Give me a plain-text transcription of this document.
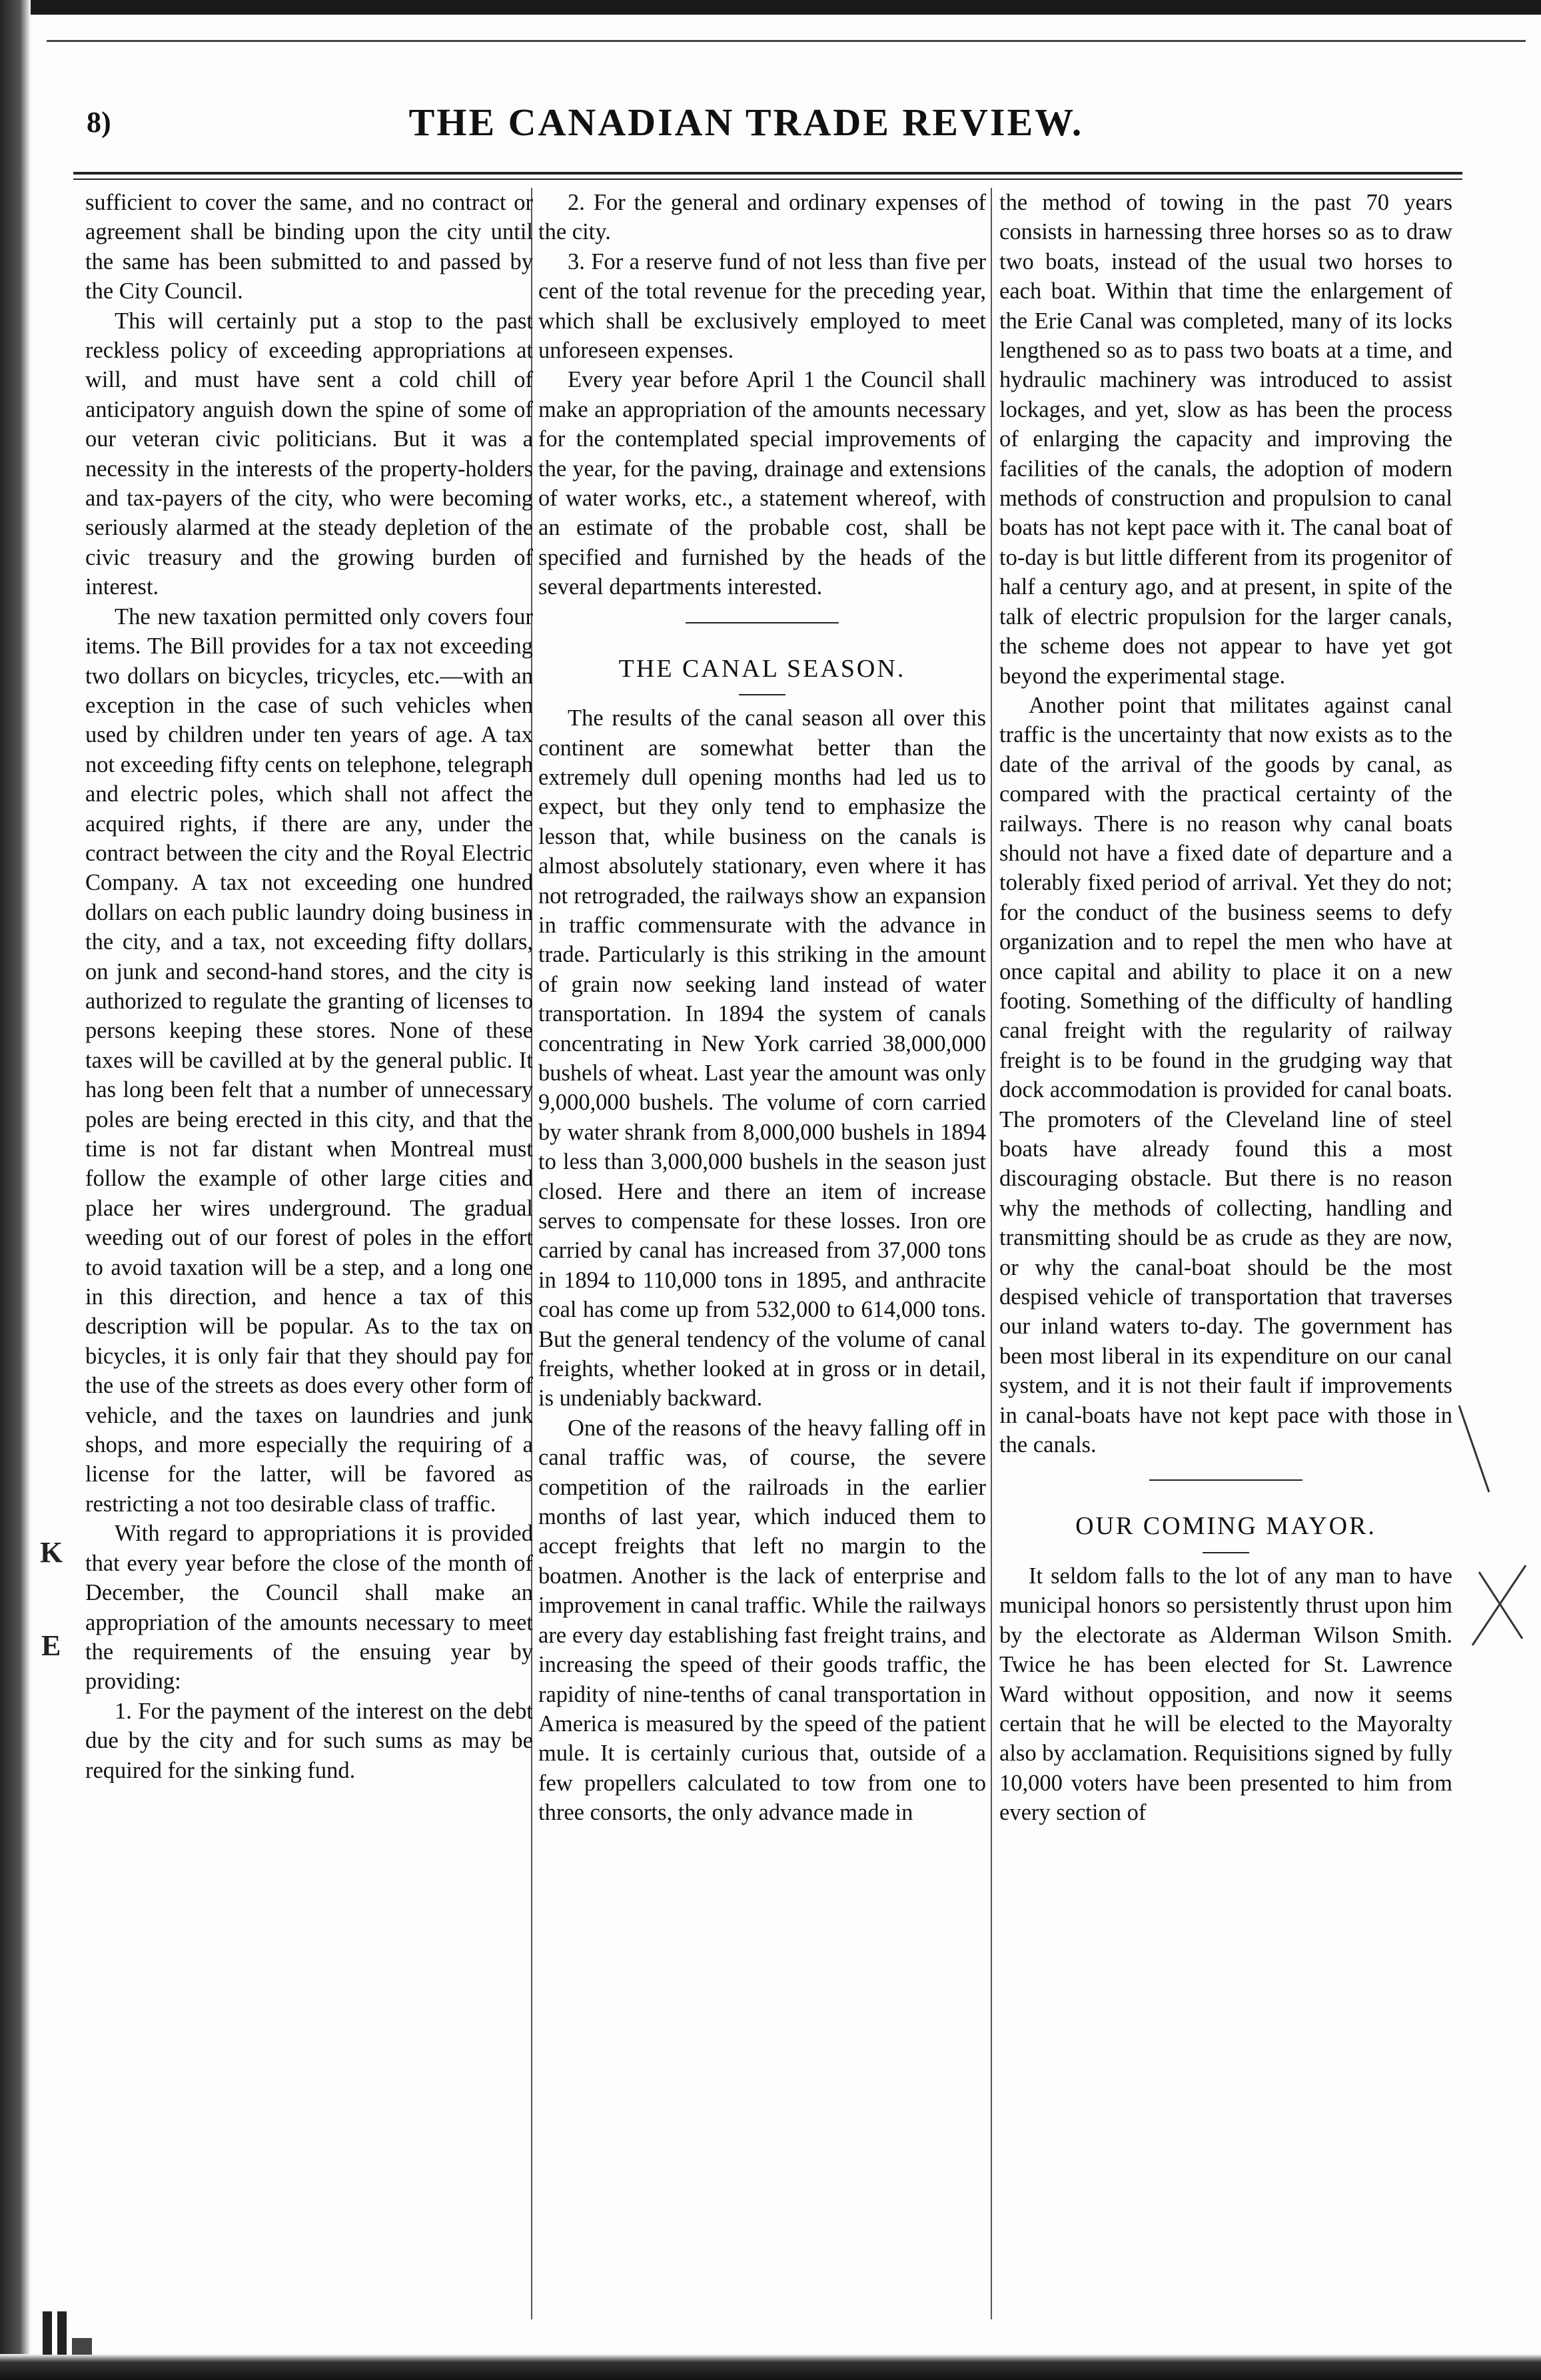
8)	THE CANADIAN TRADE REVIEW.

sufficient to cover the same, and no contract or agreement shall be binding upon the city until the same has been submitted to and passed by the City Council.

This will certainly put a stop to the past reckless policy of exceeding appropriations at will, and must have sent a cold chill of anticipatory anguish down the spine of some of our veteran civic politicians. But it was a necessity in the interests of the property-holders and tax-payers of the city, who were becoming seriously alarmed at the steady depletion of the civic treasury and the growing burden of interest.

The new taxation permitted only covers four items. The Bill provides for a tax not exceeding two dollars on bicycles, tricycles, etc.—with an exception in the case of such vehicles when used by children under ten years of age. A tax not exceeding fifty cents on telephone, telegraph and electric poles, which shall not affect the acquired rights, if there are any, under the contract between the city and the Royal Electric Company. A tax not exceeding one hundred dollars on each public laundry doing business in the city, and a tax, not exceeding fifty dollars, on junk and second-hand stores, and the city is authorized to regulate the granting of licenses to persons keeping these stores. None of these taxes will be cavilled at by the general public. It has long been felt that a number of unnecessary poles are being erected in this city, and that the time is not far distant when Montreal must follow the example of other large cities and place her wires underground. The gradual weeding out of our forest of poles in the effort to avoid taxation will be a step, and a long one in this direction, and hence a tax of this description will be popular. As to the tax on bicycles, it is only fair that they should pay for the use of the streets as does every other form of vehicle, and the taxes on laundries and junk shops, and more especially the requiring of a license for the latter, will be favored as restricting a not too desirable class of traffic.

With regard to appropriations it is provided that every year before the close of the month of December, the Council shall make an appropriation of the amounts necessary to meet the requirements of the ensuing year by providing:

1. For the payment of the interest on the debt due by the city and for such sums as may be required for the sinking fund.

2. For the general and ordinary expenses of the city.

3. For a reserve fund of not less than five per cent of the total revenue for the preceding year, which shall be exclusively employed to meet unforeseen expenses.

Every year before April 1 the Council shall make an appropriation of the amounts necessary for the contemplated special improvements of the year, for the paving, drainage and extensions of water works, etc., a statement whereof, with an estimate of the probable cost, shall be specified and furnished by the heads of the several departments interested.

THE CANAL SEASON.

The results of the canal season all over this continent are somewhat better than the extremely dull opening months had led us to expect, but they only tend to emphasize the lesson that, while business on the canals is almost absolutely stationary, even where it has not retrograded, the railways show an expansion in traffic commensurate with the advance in trade. Particularly is this striking in the amount of grain now seeking land instead of water transportation. In 1894 the system of canals concentrating in New York carried 38,000,000 bushels of wheat. Last year the amount was only 9,000,000 bushels. The volume of corn carried by water shrank from 8,000,000 bushels in 1894 to less than 3,000,000 bushels in the season just closed. Here and there an item of increase serves to compensate for these losses. Iron ore carried by canal has increased from 37,000 tons in 1894 to 110,000 tons in 1895, and anthracite coal has come up from 532,000 to 614,000 tons. But the general tendency of the volume of canal freights, whether looked at in gross or in detail, is undeniably backward.

One of the reasons of the heavy falling off in canal traffic was, of course, the severe competition of the railroads in the earlier months of last year, which induced them to accept freights that left no margin to the boatmen. Another is the lack of enterprise and improvement in canal traffic. While the railways are every day establishing fast freight trains, and increasing the speed of their goods traffic, the rapidity of nine-tenths of canal transportation in America is measured by the speed of the patient mule. It is certainly curious that, outside of a few propellers calculated to tow from one to three consorts, the only advance made in

the method of towing in the past 70 years consists in harnessing three horses so as to draw two boats, instead of the usual two horses to each boat. Within that time the enlargement of the Erie Canal was completed, many of its locks lengthened so as to pass two boats at a time, and hydraulic machinery was introduced to assist lockages, and yet, slow as has been the process of enlarging the capacity and improving the facilities of the canals, the adoption of modern methods of construction and propulsion to canal boats has not kept pace with it. The canal boat of to-day is but little different from its progenitor of half a century ago, and at present, in spite of the talk of electric propulsion for the larger canals, the scheme does not appear to have yet got beyond the experimental stage.

Another point that militates against canal traffic is the uncertainty that now exists as to the date of the arrival of the goods by canal, as compared with the practical certainty of the railways. There is no reason why canal boats should not have a fixed date of departure and a tolerably fixed period of arrival. Yet they do not; for the conduct of the business seems to defy organization and to repel the men who have at once capital and ability to place it on a new footing. Something of the difficulty of handling canal freight with the regularity of railway freight is to be found in the grudging way that dock accommodation is provided for canal boats. The promoters of the Cleveland line of steel boats have already found this a most discouraging obstacle. But there is no reason why the methods of collecting, handling and transmitting should be as crude as they are now, or why the canal-boat should be the most despised vehicle of transportation that traverses our inland waters to-day. The government has been most liberal in its expenditure on our canal system, and it is not their fault if improvements in canal-boats have not kept pace with those in the canals.

OUR COMING MAYOR.

It seldom falls to the lot of any man to have municipal honors so persistently thrust upon him by the electorate as Alderman Wilson Smith. Twice he has been elected for St. Lawrence Ward without opposition, and now it seems certain that he will be elected to the Mayoralty also by acclamation. Requisitions signed by fully 10,000 voters have been presented to him from every section of

K
E
